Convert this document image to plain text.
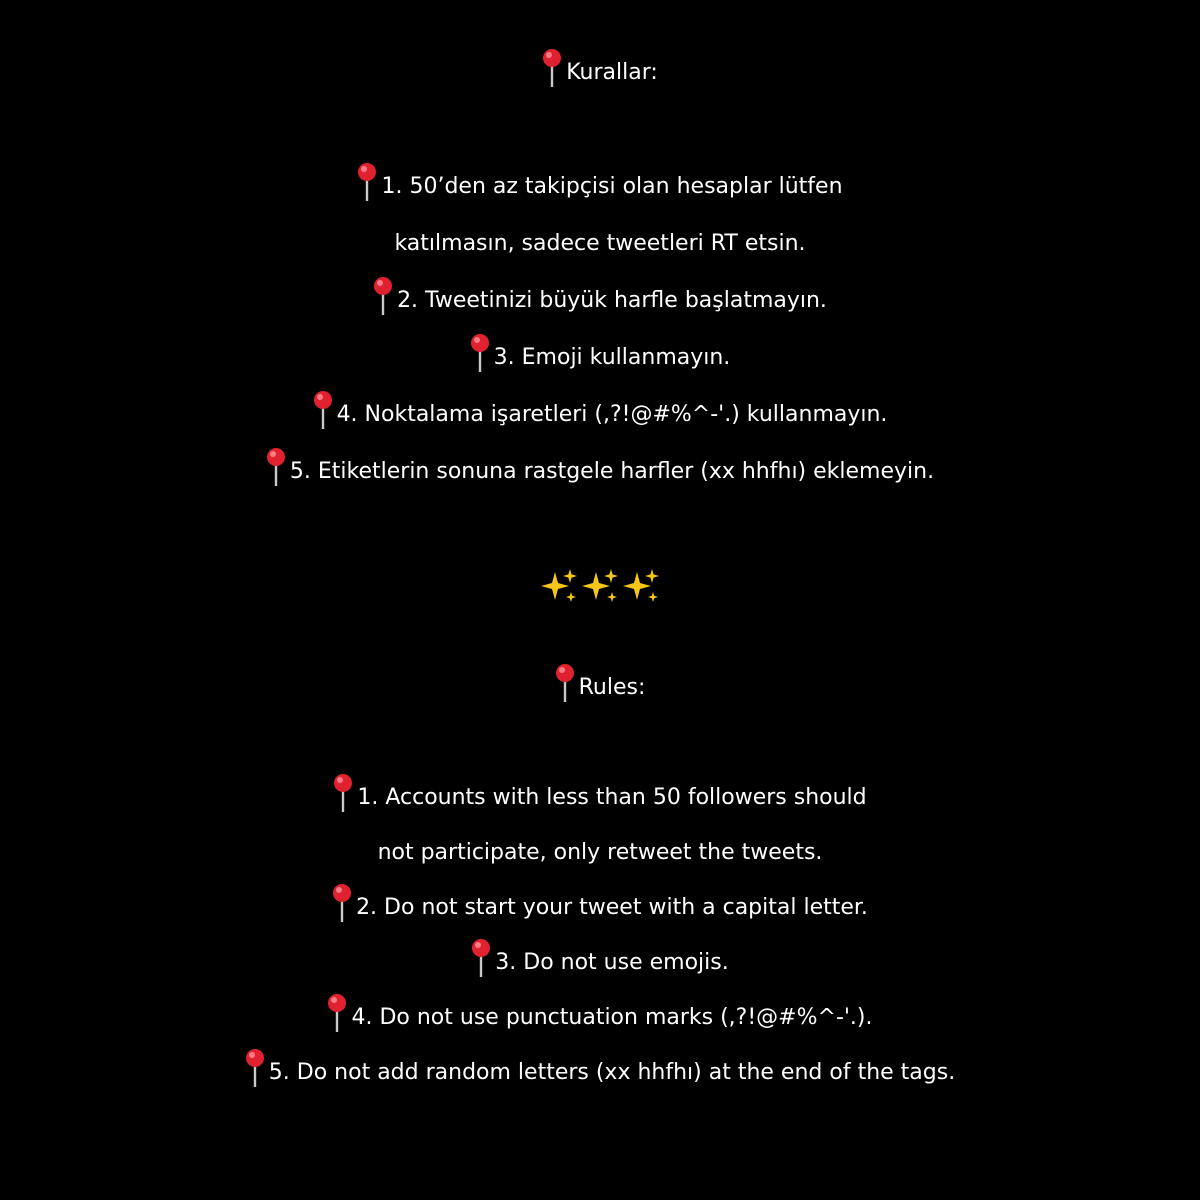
Kurallar:
1. 50’den az takipçisi olan hesaplar lütfen
katılmasın, sadece tweetleri RT etsin.
2. Tweetinizi büyük harfle başlatmayın.
3. Emoji kullanmayın.
4. Noktalama işaretleri (,?!@#%^-'.) kullanmayın.
5. Etiketlerin sonuna rastgele harfler (xx hhfhı) eklemeyin.

Rules:
1. Accounts with less than 50 followers should
not participate, only retweet the tweets.
2. Do not start your tweet with a capital letter.
3. Do not use emojis.
4. Do not use punctuation marks (,?!@#%^-'.).
5. Do not add random letters (xx hhfhı) at the end of the tags.
